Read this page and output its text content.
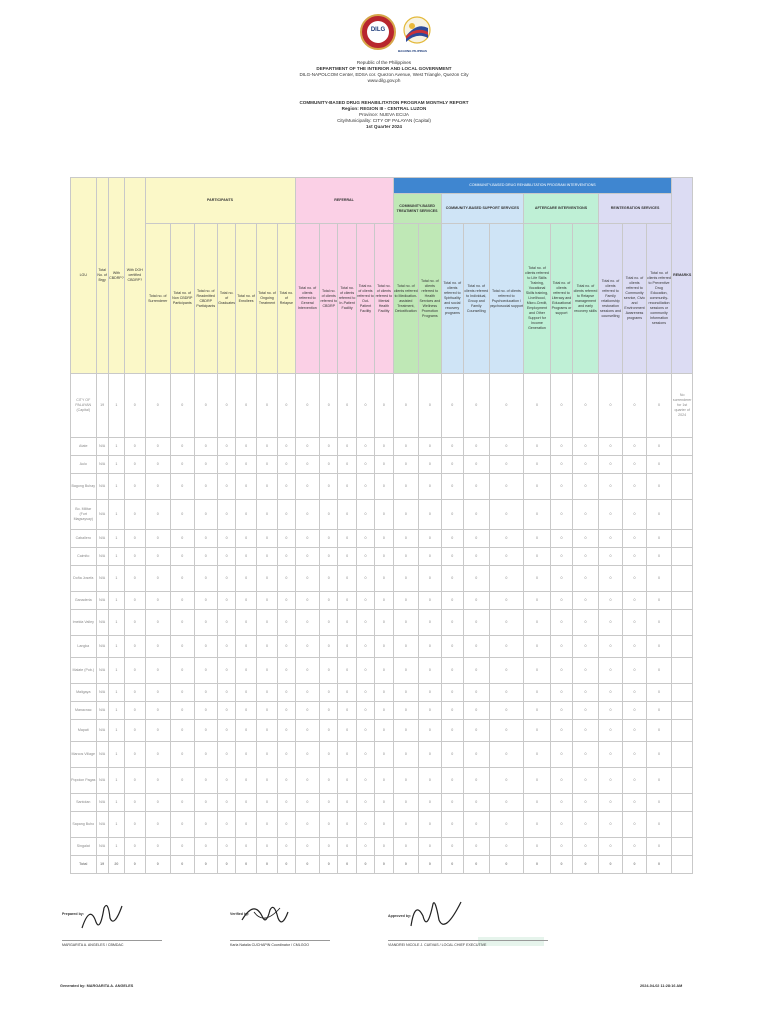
DILG
BAGONG PILIPINAS
Republic of the Philippines
DEPARTMENT OF THE INTERIOR AND LOCAL GOVERNMENT
DILG-NAPOLCOM Center, EDSA cor. Quezon Avenue, West Triangle, Quezon City
www.dilg.gov.ph
COMMUNITY-BASED DRUG REHABILITATION PROGRAM MONTHLY REPORT
Region: REGION III - CENTRAL LUZON
Province: NUEVA ECIJA
City/Municipality: CITY OF PALAYAN (Capital)
1st Quarter 2024
LGU	Total No. of Brgy	With CBDRP?	With DOH certified CBDRP?	PARTICIPANTS							REFERRAL					COMMUNITY-BASED DRUG REHABILITATION PROGRAM INTERVENTIONS											REMARKS
																COMMUNITY-BASED TREATMENT SERVICES		COMMUNITY-BASED SUPPORT SERVICES			AFTERCARE INTERVENTIONS			REINTEGRATION SERVICES			
				Total no. of Surrenderer	Total no. of Non CBDRP Participants	Total no. of Readmitted CBDRP Participants	Total no. of Graduates	Total no. of Enrollees	Total no. of Ongoing Treatment	Total no. of Relapse	Total no. of clients referred to General Intervention	Total no. of clients referred to CBDRP	Total no. of clients referred to In-Patient Facility	Total no. of clients referred to Out-Patient Facility	Total no. of clients referred to Mental Health Facility	Total no. of clients referred to Medication-assisted Treatment, Detoxification	Total no. of clients referred to Health Services and Wellness Promotion Programs	Total no. of clients referred to Spirituality and social recovery programs	Total no. of clients referred to Individual, Group and Family Counselling	Total no. of clients referred to Psychoeducation / psychosocial support	Total no. of clients referred to Life Skills Training, Vocational Skills training, Livelihood, Micro-Credit, Employment and Other Support for Income Generation	Total no. of clients referred to Literacy and Educational Programs or support	Total no. of clients referred to Relapse management and early recovery skills	Total no. of clients referred to Family relationship restoration sessions and counselling	Total no. of clients referred to Community service, Civic and Environment Awareness programs	Total no. of clients referred to Preventive Drug Education, community-reconciliation sessions or community Information sessions	
CITY OF PALAYAN (Capital)	19	1	0	0	0	0	0	0	0	0	0	0	0	0	0	0	0	0	0	0	0	0	0	0	0	0	No surrenderer for 1st quarter of 2024
Atate	N/A	1	0	0	0	0	0	0	0	0	0	0	0	0	0	0	0	0	0	0	0	0	0	0	0	0	
Aulo	N/A	1	0	0	0	0	0	0	0	0	0	0	0	0	0	0	0	0	0	0	0	0	0	0	0	0	
Bagong Buhay	N/A	1	0	0	0	0	0	0	0	0	0	0	0	0	0	0	0	0	0	0	0	0	0	0	0	0	
Bo. Militar (Fort Magsaysay)	N/A	1	0	0	0	0	0	0	0	0	0	0	0	0	0	0	0	0	0	0	0	0	0	0	0	0	
Caballero	N/A	1	0	0	0	0	0	0	0	0	0	0	0	0	0	0	0	0	0	0	0	0	0	0	0	0	
Caimito	N/A	1	0	0	0	0	0	0	0	0	0	0	0	0	0	0	0	0	0	0	0	0	0	0	0	0	
Doña Josefa	N/A	1	0	0	0	0	0	0	0	0	0	0	0	0	0	0	0	0	0	0	0	0	0	0	0	0	
Ganaderia	N/A	1	0	0	0	0	0	0	0	0	0	0	0	0	0	0	0	0	0	0	0	0	0	0	0	0	
Imelda Valley	N/A	1	0	0	0	0	0	0	0	0	0	0	0	0	0	0	0	0	0	0	0	0	0	0	0	0	
Langka	N/A	1	0	0	0	0	0	0	0	0	0	0	0	0	0	0	0	0	0	0	0	0	0	0	0	0	
Malate (Pob.)	N/A	1	0	0	0	0	0	0	0	0	0	0	0	0	0	0	0	0	0	0	0	0	0	0	0	0	
Maligaya	N/A	1	0	0	0	0	0	0	0	0	0	0	0	0	0	0	0	0	0	0	0	0	0	0	0	0	
Manacnac	N/A	1	0	0	0	0	0	0	0	0	0	0	0	0	0	0	0	0	0	0	0	0	0	0	0	0	
Mapait	N/A	1	0	0	0	0	0	0	0	0	0	0	0	0	0	0	0	0	0	0	0	0	0	0	0	0	
Marcos Village	N/A	1	0	0	0	0	0	0	0	0	0	0	0	0	0	0	0	0	0	0	0	0	0	0	0	0	
Popolon Pagas	N/A	1	0	0	0	0	0	0	0	0	0	0	0	0	0	0	0	0	0	0	0	0	0	0	0	0	
Santolan	N/A	1	0	0	0	0	0	0	0	0	0	0	0	0	0	0	0	0	0	0	0	0	0	0	0	0	
Sapang Buho	N/A	1	0	0	0	0	0	0	0	0	0	0	0	0	0	0	0	0	0	0	0	0	0	0	0	0	
Singalat	N/A	1	0	0	0	0	0	0	0	0	0	0	0	0	0	0	0	0	0	0	0	0	0	0	0	0	
Total	19	20	0	0	0	0	0	0	0	0	0	0	0	0	0	0	0	0	0	0	0	0	0	0	0	0	
Prepared by:
MARGARITA A. ANGELES / CBMDAC
Verified by:
Karla Natalia CUCHAPIN Coordinator / CMLGOO
Approved by:
VIANDREI NICOLE J. CUEVAS / LOCAL CHIEF EXECUTIVE
Generated by: MARGARITA A. ANGELES	2024-04-02 11:28:16 AM
